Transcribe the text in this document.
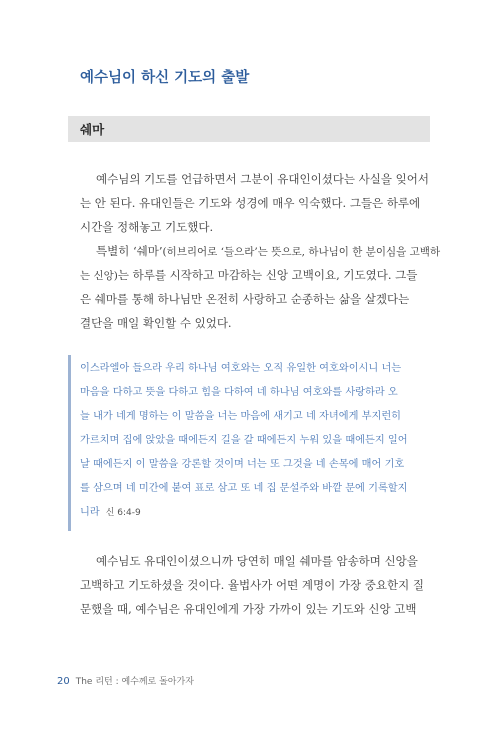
예수님이 하신 기도의 출발
쉐마
예수님의 기도를 언급하면서 그분이 유대인이셨다는 사실을 잊어서
는 안 된다. 유대인들은 기도와 성경에 매우 익숙했다. 그들은 하루에
시간을 정해놓고 기도했다.
특별히 ‘쉐마’(히브리어로 ‘들으라’는 뜻으로, 하나님이 한 분이심을 고백하
는 신앙)는 하루를 시작하고 마감하는 신앙 고백이요, 기도였다. 그들
은 쉐마를 통해 하나님만 온전히 사랑하고 순종하는 삶을 살겠다는
결단을 매일 확인할 수 있었다.
이스라엘아 들으라 우리 하나님 여호와는 오직 유일한 여호와이시니 너는
마음을 다하고 뜻을 다하고 힘을 다하여 네 하나님 여호와를 사랑하라 오
늘 내가 네게 명하는 이 말씀을 너는 마음에 새기고 네 자녀에게 부지런히
가르치며 집에 앉았을 때에든지 길을 갈 때에든지 누워 있을 때에든지 일어
날 때에든지 이 말씀을 강론할 것이며 너는 또 그것을 네 손목에 매어 기호
를 삼으며 네 미간에 붙여 표로 삼고 또 네 집 문설주와 바깥 문에 기록할지
니라 신 6:4-9
예수님도 유대인이셨으니까 당연히 매일 쉐마를 암송하며 신앙을
고백하고 기도하셨을 것이다. 율법사가 어떤 계명이 가장 중요한지 질
문했을 때, 예수님은 유대인에게 가장 가까이 있는 기도와 신앙 고백
20 The 리턴 : 예수께로 돌아가자
